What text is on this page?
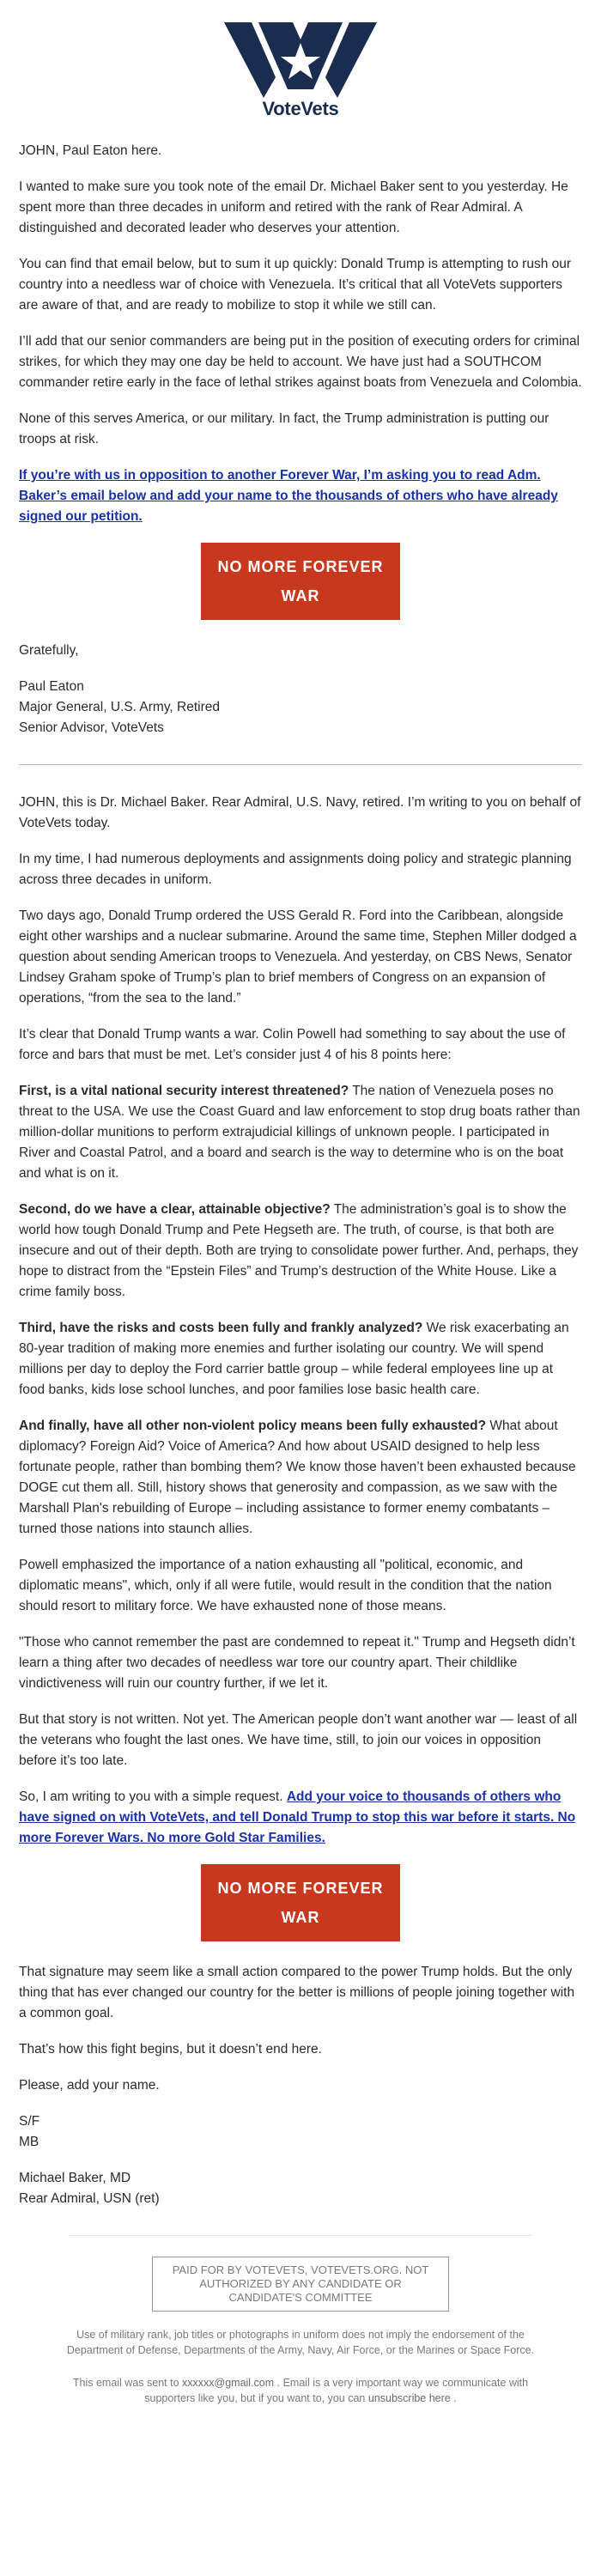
VoteVets

JOHN, Paul Eaton here.

I wanted to make sure you took note of the email Dr. Michael Baker sent to you yesterday. He spent more than three decades in uniform and retired with the rank of Rear Admiral. A distinguished and decorated leader who deserves your attention.

You can find that email below, but to sum it up quickly: Donald Trump is attempting to rush our country into a needless war of choice with Venezuela. It’s critical that all VoteVets supporters are aware of that, and are ready to mobilize to stop it while we still can.

I’ll add that our senior commanders are being put in the position of executing orders for criminal strikes, for which they may one day be held to account. We have just had a SOUTHCOM commander retire early in the face of lethal strikes against boats from Venezuela and Colombia.

None of this serves America, or our military. In fact, the Trump administration is putting our troops at risk.

If you’re with us in opposition to another Forever War, I’m asking you to read Adm. Baker’s email below and add your name to the thousands of others who have already signed our petition.

NO MORE FOREVER
WAR

Gratefully,

Paul Eaton

Major General, U.S. Army, Retired

Senior Advisor, VoteVets

JOHN, this is Dr. Michael Baker. Rear Admiral, U.S. Navy, retired. I’m writing to you on behalf of VoteVets today.

In my time, I had numerous deployments and assignments doing policy and strategic planning across three decades in uniform.

Two days ago, Donald Trump ordered the USS Gerald R. Ford into the Caribbean, alongside eight other warships and a nuclear submarine. Around the same time, Stephen Miller dodged a question about sending American troops to Venezuela. And yesterday, on CBS News, Senator Lindsey Graham spoke of Trump’s plan to brief members of Congress on an expansion of operations, “from the sea to the land.”

It’s clear that Donald Trump wants a war. Colin Powell had something to say about the use of force and bars that must be met. Let’s consider just 4 of his 8 points here:

First, is a vital national security interest threatened? The nation of Venezuela poses no threat to the USA. We use the Coast Guard and law enforcement to stop drug boats rather than million-dollar munitions to perform extrajudicial killings of unknown people. I participated in River and Coastal Patrol, and a board and search is the way to determine who is on the boat and what is on it.

Second, do we have a clear, attainable objective? The administration’s goal is to show the world how tough Donald Trump and Pete Hegseth are. The truth, of course, is that both are insecure and out of their depth. Both are trying to consolidate power further. And, perhaps, they hope to distract from the “Epstein Files” and Trump’s destruction of the White House. Like a crime family boss.

Third, have the risks and costs been fully and frankly analyzed? We risk exacerbating an 80-year tradition of making more enemies and further isolating our country. We will spend millions per day to deploy the Ford carrier battle group – while federal employees line up at food banks, kids lose school lunches, and poor families lose basic health care.

And finally, have all other non-violent policy means been fully exhausted? What about diplomacy? Foreign Aid? Voice of America? And how about USAID designed to help less fortunate people, rather than bombing them? We know those haven’t been exhausted because DOGE cut them all. Still, history shows that generosity and compassion, as we saw with the Marshall Plan's rebuilding of Europe – including assistance to former enemy combatants – turned those nations into staunch allies.

Powell emphasized the importance of a nation exhausting all "political, economic, and diplomatic means", which, only if all were futile, would result in the condition that the nation should resort to military force. We have exhausted none of those means.

"Those who cannot remember the past are condemned to repeat it." Trump and Hegseth didn’t learn a thing after two decades of needless war tore our country apart. Their childlike vindictiveness will ruin our country further, if we let it.

But that story is not written. Not yet. The American people don’t want another war — least of all the veterans who fought the last ones. We have time, still, to join our voices in opposition before it’s too late.

So, I am writing to you with a simple request. Add your voice to thousands of others who have signed on with VoteVets, and tell Donald Trump to stop this war before it starts. No more Forever Wars. No more Gold Star Families.

NO MORE FOREVER
WAR

That signature may seem like a small action compared to the power Trump holds. But the only thing that has ever changed our country for the better is millions of people joining together with a common goal.

That’s how this fight begins, but it doesn’t end here.

Please, add your name.

S/F

MB

Michael Baker, MD

Rear Admiral, USN (ret)

PAID FOR BY VOTEVETS, VOTEVETS.ORG. NOT AUTHORIZED BY ANY CANDIDATE OR CANDIDATE'S COMMITTEE
Use of military rank, job titles or photographs in uniform does not imply the endorsement of the Department of Defense, Departments of the Army, Navy, Air Force, or the Marines or Space Force.
This email was sent to xxxxxx@gmail.com . Email is a very important way we communicate with supporters like you, but if you want to, you can unsubscribe here .
